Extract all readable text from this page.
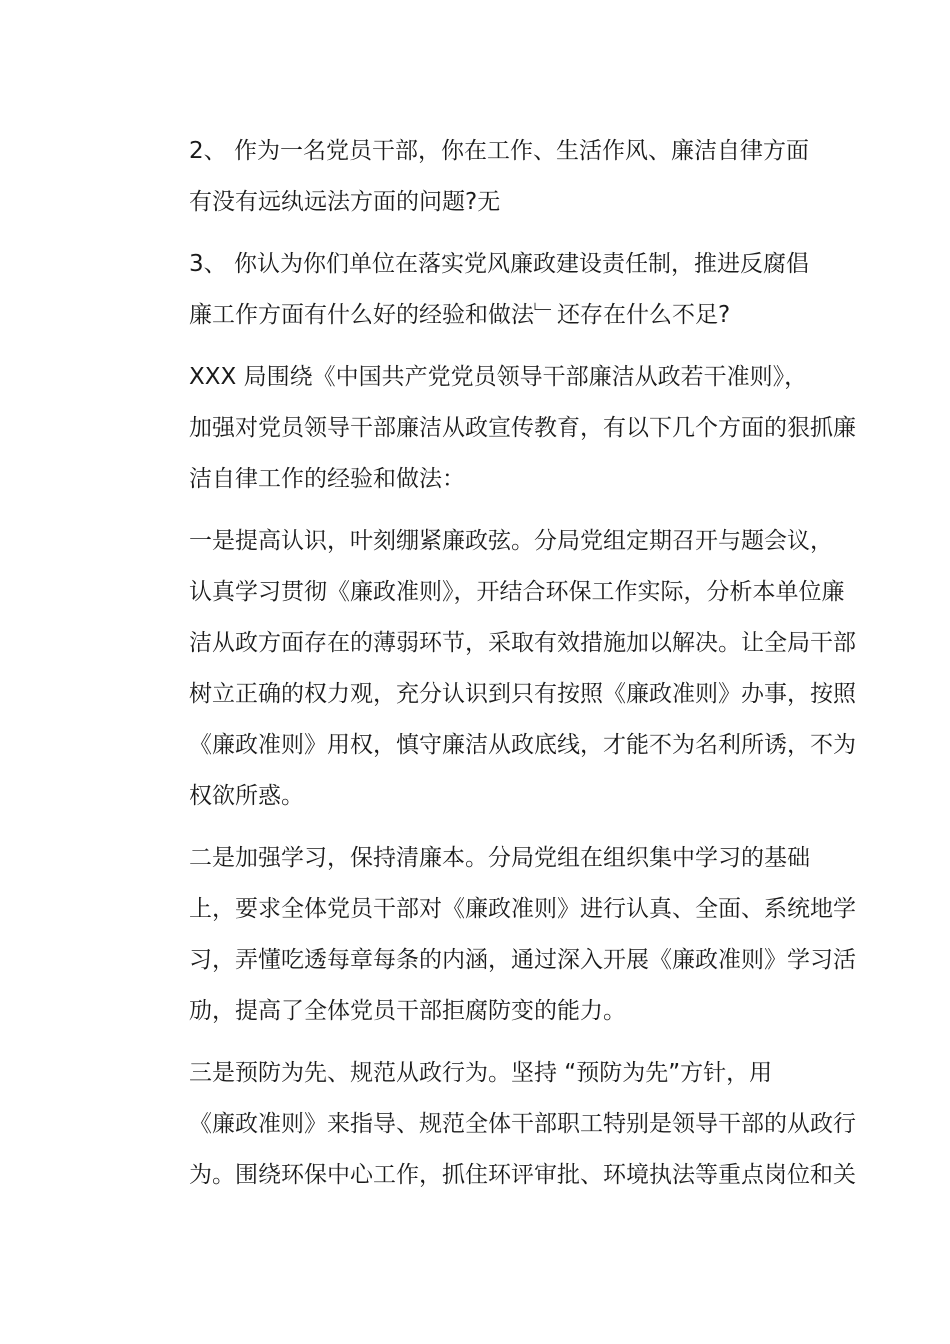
2、 作为一名党员干部，你在工作、生活作风、廉洁自律方面
有没有远纨远法方面的问题?无

3、 你认为你们单位在落实党风廉政建设责任制，推进反腐倡
廉工作方面有什么好的经验和做法﹂还存在什么不足?

XXX 局围绕《中国共产党党员领导干部廉洁从政若干准则》，
加强对党员领导干部廉洁从政宣传教育，有以下几个方面的狠抓廉
洁自律工作的经验和做法：

一是提高认识，叶刻绷紧廉政弦。分局党组定期召开与题会议，
认真学习贯彻《廉政准则》，开结合环保工作实际，分析本单位廉
洁从政方面存在的薄弱环节，采取有效措施加以解决。让全局干部
树立正确的权力观，充分认识到只有按照《廉政准则》办事，按照
《廉政准则》用权，慎守廉洁从政底线，才能不为名利所诱，不为
权欲所惑。

二是加强学习，保持清廉本。分局党组在组织集中学习的基础
上，要求全体党员干部对《廉政准则》进行认真、全面、系统地学
习，弄懂吃透每章每条的内涵，通过深入开展《廉政准则》学习活
劢，提高了全体党员干部拒腐防变的能力。

三是预防为先、规范从政行为。坚持 “预防为先”方针，用
《廉政准则》来指导、规范全体干部职工特别是领导干部的从政行
为。围绕环保中心工作，抓住环评审批、环境执法等重点岗位和关
